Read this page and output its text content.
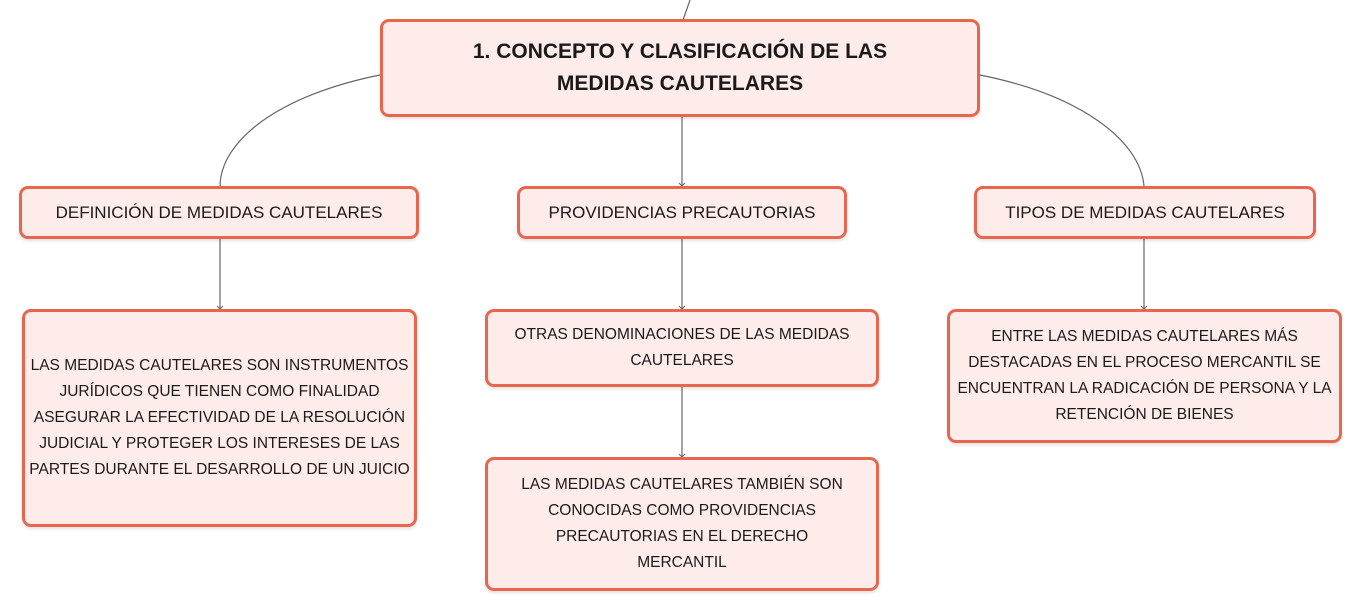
1. CONCEPTO Y CLASIFICACIÓN DE LAS MEDIDAS CAUTELARES
DEFINICIÓN DE MEDIDAS CAUTELARES	PROVIDENCIAS PRECAUTORIAS	TIPOS DE MEDIDAS CAUTELARES
LAS MEDIDAS CAUTELARES SON INSTRUMENTOS JURÍDICOS QUE TIENEN COMO FINALIDAD ASEGURAR LA EFECTIVIDAD DE LA RESOLUCIÓN JUDICIAL Y PROTEGER LOS INTERESES DE LAS PARTES DURANTE EL DESARROLLO DE UN JUICIO
OTRAS DENOMINACIONES DE LAS MEDIDAS CAUTELARES
LAS MEDIDAS CAUTELARES TAMBIÉN SON CONOCIDAS COMO PROVIDENCIAS PRECAUTORIAS EN EL DERECHO MERCANTIL
ENTRE LAS MEDIDAS CAUTELARES MÁS DESTACADAS EN EL PROCESO MERCANTIL SE ENCUENTRAN LA RADICACIÓN DE PERSONA Y LA RETENCIÓN DE BIENES
